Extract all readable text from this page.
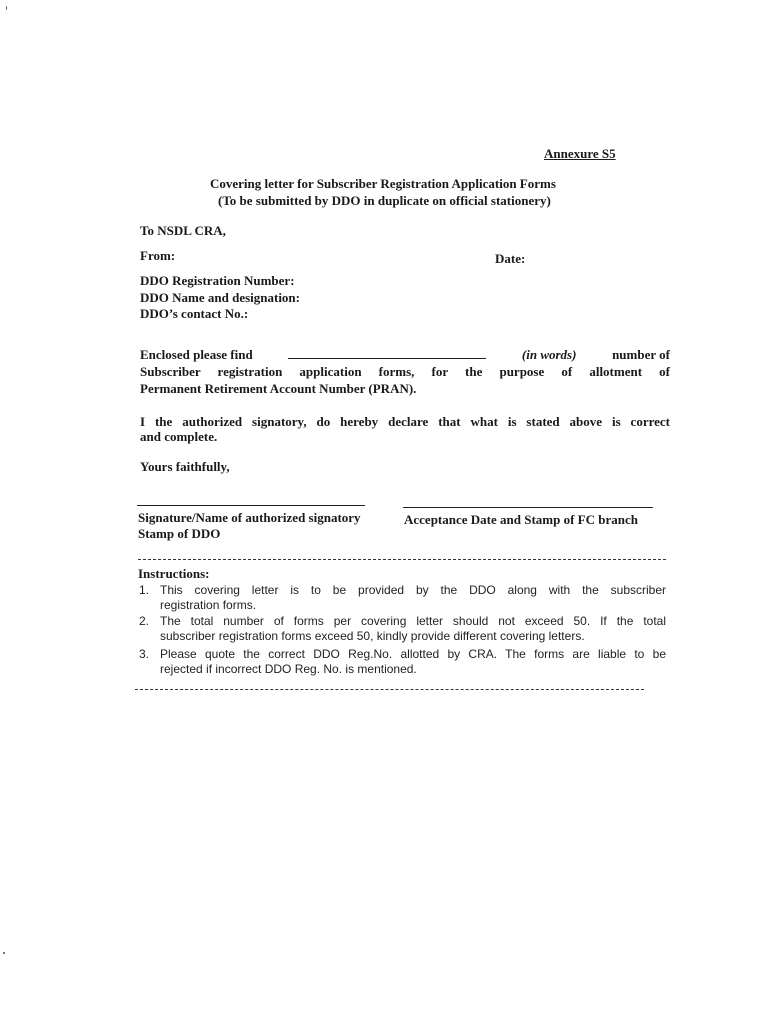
Annexure S5
Covering letter for Subscriber Registration Application Forms
(To be submitted by DDO in duplicate on official stationery)
To NSDL CRA,
From:	Date:
DDO Registration Number:
DDO Name and designation:
DDO’s contact No.:
Enclosed please find	(in words)	number of
Subscriber registration application forms, for the purpose of allotment of
Permanent Retirement Account Number (PRAN).
I the authorized signatory, do hereby declare that what is stated above is correct
and complete.
Yours faithfully,
Signature/Name of authorized signatory	Acceptance Date and Stamp of FC branch
Stamp of DDO
Instructions:
1. This covering letter is to be provided by the DDO along with the subscriber
registration forms.
2. The total number of forms per covering letter should not exceed 50. If the total
subscriber registration forms exceed 50, kindly provide different covering letters.
3. Please quote the correct DDO Reg.No. allotted by CRA. The forms are liable to be
rejected if incorrect DDO Reg. No. is mentioned.
